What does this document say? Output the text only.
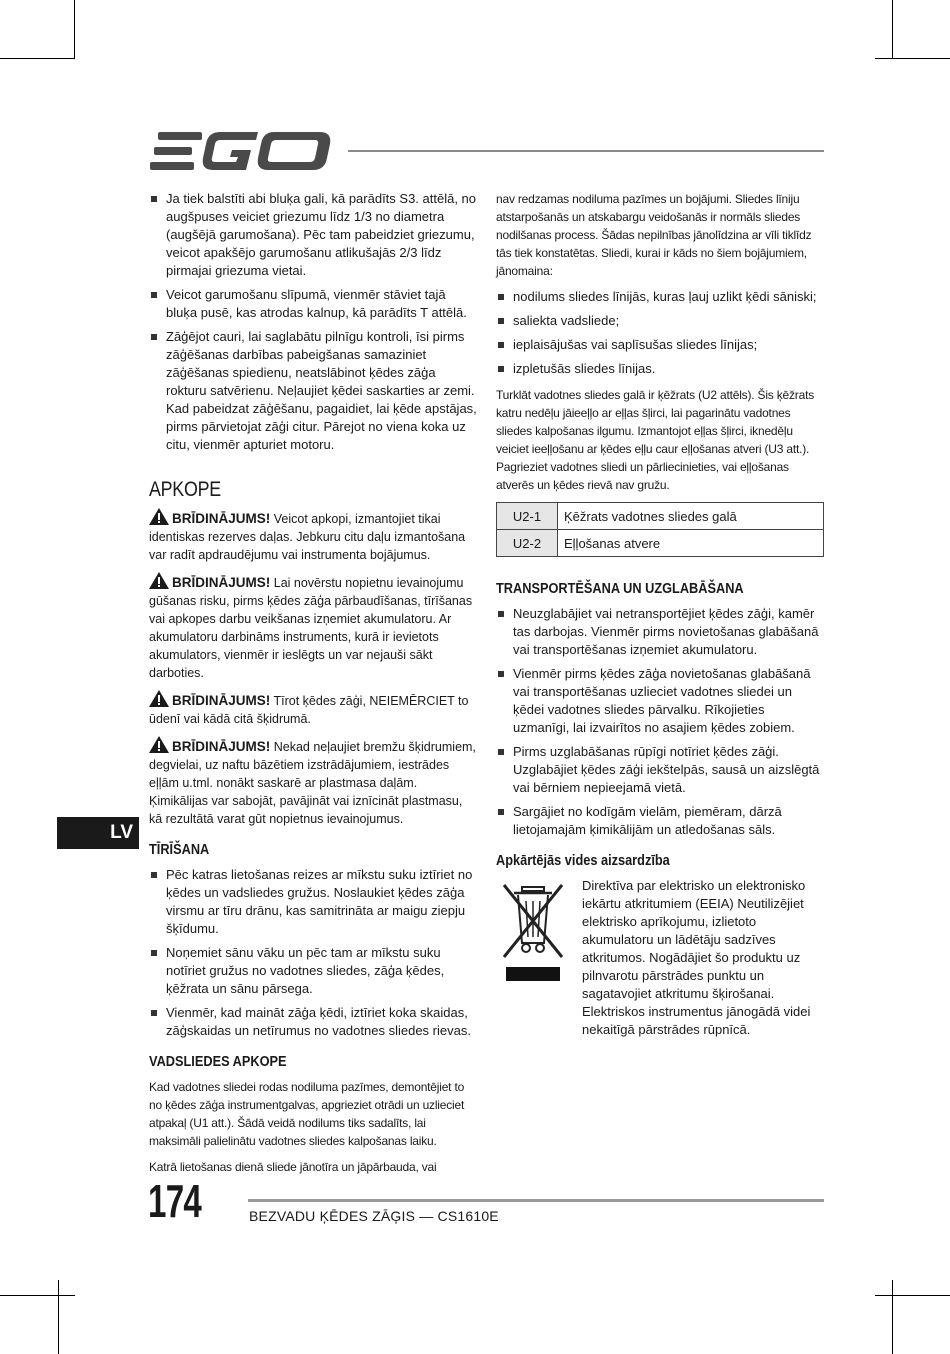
Ja tiek balstīti abi bluķa gali, kā parādīts S3. attēlā, no augšpuses veiciet griezumu līdz 1/3 no diametra (augšējā garumošana). Pēc tam pabeidziet griezumu, veicot apakšējo garumošanu atlikušajās 2/3 līdz pirmajai griezuma vietai.
Veicot garumošanu slīpumā, vienmēr stāviet tajā bluķa pusē, kas atrodas kalnup, kā parādīts T attēlā.
Zāģējot cauri, lai saglabātu pilnīgu kontroli, īsi pirms zāģēšanas darbības pabeigšanas samaziniet zāģēšanas spiedienu, neatslābinot ķēdes zāģa rokturu satvērienu. Neļaujiet ķēdei saskarties ar zemi. Kad pabeidzat zāģēšanu, pagaidiet, lai ķēde apstājas, pirms pārvietojat zāģi citur. Pārejot no viena koka uz citu, vienmēr apturiet motoru.
APKOPE

BRĪDINĀJUMS! Veicot apkopi, izmantojiet tikai identiskas rezerves daļas. Jebkuru citu daļu izmantošana var radīt apdraudējumu vai instrumenta bojājumus.

BRĪDINĀJUMS! Lai novērstu nopietnu ievainojumu gūšanas risku, pirms ķēdes zāģa pārbaudīšanas, tīrīšanas vai apkopes darbu veikšanas izņemiet akumulatoru. Ar akumulatoru darbināms instruments, kurā ir ievietots akumulators, vienmēr ir ieslēgts un var nejauši sākt darboties.

BRĪDINĀJUMS! Tīrot ķēdes zāģi, NEIEMĒRCIET to ūdenī vai kādā citā šķidrumā.

BRĪDINĀJUMS! Nekad neļaujiet bremžu šķidrumiem, degvielai, uz naftu bāzētiem izstrādājumiem, iestrādes eļļām u.tml. nonākt saskarē ar plastmasa daļām. Ķimikālijas var sabojāt, pavājināt vai iznīcināt plastmasu, kā rezultātā varat gūt nopietnus ievainojumus.

TĪRĪŠANA
Pēc katras lietošanas reizes ar mīkstu suku iztīriet no ķēdes un vadsliedes gružus. Noslaukiet ķēdes zāģa virsmu ar tīru drānu, kas samitrināta ar maigu ziepju šķīdumu.
Noņemiet sānu vāku un pēc tam ar mīkstu suku notīriet gružus no vadotnes sliedes, zāģa ķēdes, ķēžrata un sānu pārsega.
Vienmēr, kad maināt zāģa ķēdi, iztīriet koka skaidas, zāģskaidas un netīrumus no vadotnes sliedes rievas.
VADSLIEDES APKOPE

Kad vadotnes sliedei rodas nodiluma pazīmes, demontējiet to no ķēdes zāģa instrumentgalvas, apgrieziet otrādi un uzlieciet atpakaļ (U1 att.). Šādā veidā nodilums tiks sadalīts, lai maksimāli palielinātu vadotnes sliedes kalpošanas laiku.

Katrā lietošanas dienā sliede jānotīra un jāpārbauda, vai

nav redzamas nodiluma pazīmes un bojājumi. Sliedes līniju atstarpošanās un atskabargu veidošanās ir normāls sliedes nodilšanas process. Šādas nepilnības jānolīdzina ar vīli tiklīdz tās tiek konstatētas. Sliedi, kurai ir kāds no šiem bojājumiem, jānomaina:

nodilums sliedes līnijās, kuras ļauj uzlikt ķēdi sāniski;
saliekta vadsliede;
ieplaisājušas vai saplīsušas sliedes līnijas;
izpletušās sliedes līnijas.

Turklāt vadotnes sliedes galā ir ķēžrats (U2 attēls). Šis ķēžrats katru nedēļu jāieeļļo ar eļļas šļirci, lai pagarinātu vadotnes sliedes kalpošanas ilgumu. Izmantojot eļļas šļirci, ikneděļu veiciet ieeļļošanu ar ķēdes eļļu caur eļļošanas atveri (U3 att.). Pagrieziet vadotnes sliedi un pārliecinieties, vai eļļošanas atverēs un ķēdes rievā nav gružu.

U2-1	Ķēžrats vadotnes sliedes galā
U2-2	Eļļošanas atvere
TRANSPORTĒŠANA UN UZGLABĀŠANA
Neuzglabājiet vai netransportējiet ķēdes zāģi, kamēr tas darbojas. Vienmēr pirms novietošanas glabāšanā vai transportēšanas izņemiet akumulatoru.
Vienmēr pirms ķēdes zāģa novietošanas glabāšanā vai transportēšanas uzlieciet vadotnes sliedei un ķēdei vadotnes sliedes pārvalku. Rīkojieties uzmanīgi, lai izvairītos no asajiem ķēdes zobiem.
Pirms uzglabāšanas rūpīgi notīriet ķēdes zāģi. Uzglabājiet ķēdes zāģi iekštelpās, sausā un aizslēgtā vai bērniem nepieejamā vietā.
Sargājiet no kodīgām vielām, piemēram, dārzā lietojamajām ķimikālijām un atledošanas sāls.
Apkārtējās vides aizsardzība

Direktīva par elektrisko un elektronisko iekārtu atkritumiem (EEIA) Neutilizējiet elektrisko aprīkojumu, izlietoto akumulatoru un lādētāju sadzīves atkritumos. Nogādājiet šo produktu uz pilnvarotu pārstrādes punktu un sagatavojiet atkritumu šķirošanai. Elektriskos instrumentus jānogādā videi nekaitīgā pārstrādes rūpnīcā.

LV
174	BEZVADU ĶĒDES ZĀĢIS — CS1610E
